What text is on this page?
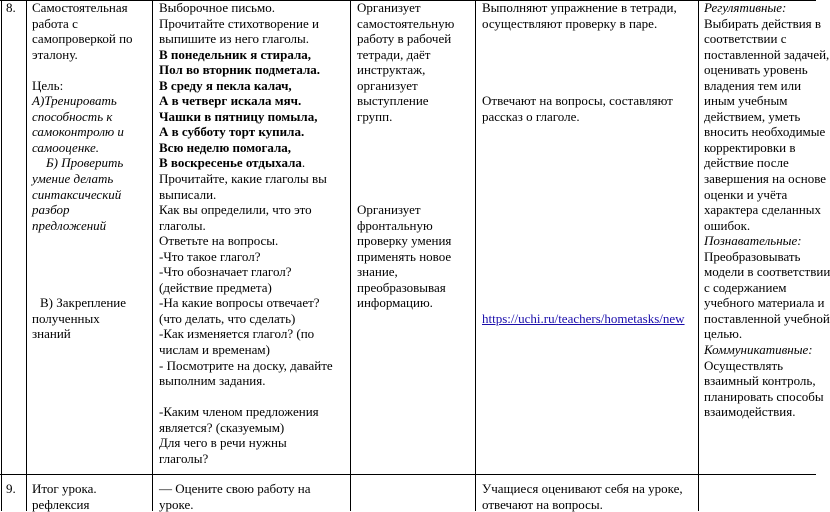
8. Самостоятельная
работа с
самопроверкой по
эталону.
Цель:
А)Тренировать
способность к
самоконтролю и
самооценке.
Б) Проверить
умение делать
синтаксический
разбор
предложений
В) Закрепление
полученных
знаний
Выборочное письмо.
Прочитайте стихотворение и
выпишите из него глаголы.
В понедельник я стирала,
Пол во вторник подметала.
В среду я пекла калач,
А в четверг искала мяч.
Чашки в пятницу помыла,
А в субботу торт купила.
Всю неделю помогала,
В воскресенье отдыхала.
Прочитайте, какие глаголы вы
выписали.
Как вы определили, что это
глаголы.
Ответьте на вопросы.
-Что такое глагол?
-Что обозначает глагол?
(действие предмета)
-На какие вопросы отвечает?
(что делать, что сделать)
-Как изменяется глагол? (по
числам и временам)
- Посмотрите на доску, давайте
выполним задания.
-Каким членом предложения
является? (сказуемым)
Для чего в речи нужны
глаголы?
Организует
самостоятельную
работу в рабочей
тетради, даёт
инструктаж,
организует
выступление
групп.
Организует
фронтальную
проверку умения
применять новое
знание,
преобразовывая
информацию.
Выполняют упражнение в тетради,
осуществляют проверку в паре.
Отвечают на вопросы, составляют
рассказ о глаголе.
https://uchi.ru/teachers/hometasks/new
Регулятивные:
Выбирать действия в
соответствии с
поставленной задачей,
оценивать уровень
владения тем или
иным учебным
действием, уметь
вносить необходимые
корректировки в
действие после
завершения на основе
оценки и учёта
характера сделанных
ошибок.
Познавательные:
Преобразовывать
модели в соответствии
с содержанием
учебного материала и
поставленной учебной
целью.
Коммуникативные:
Осуществлять
взаимный контроль,
планировать способы
взаимодействия.
9. Итог урока.
рефлексия
— Оцените свою работу на
уроке.
Учащиеся оценивают себя на уроке,
отвечают на вопросы.
